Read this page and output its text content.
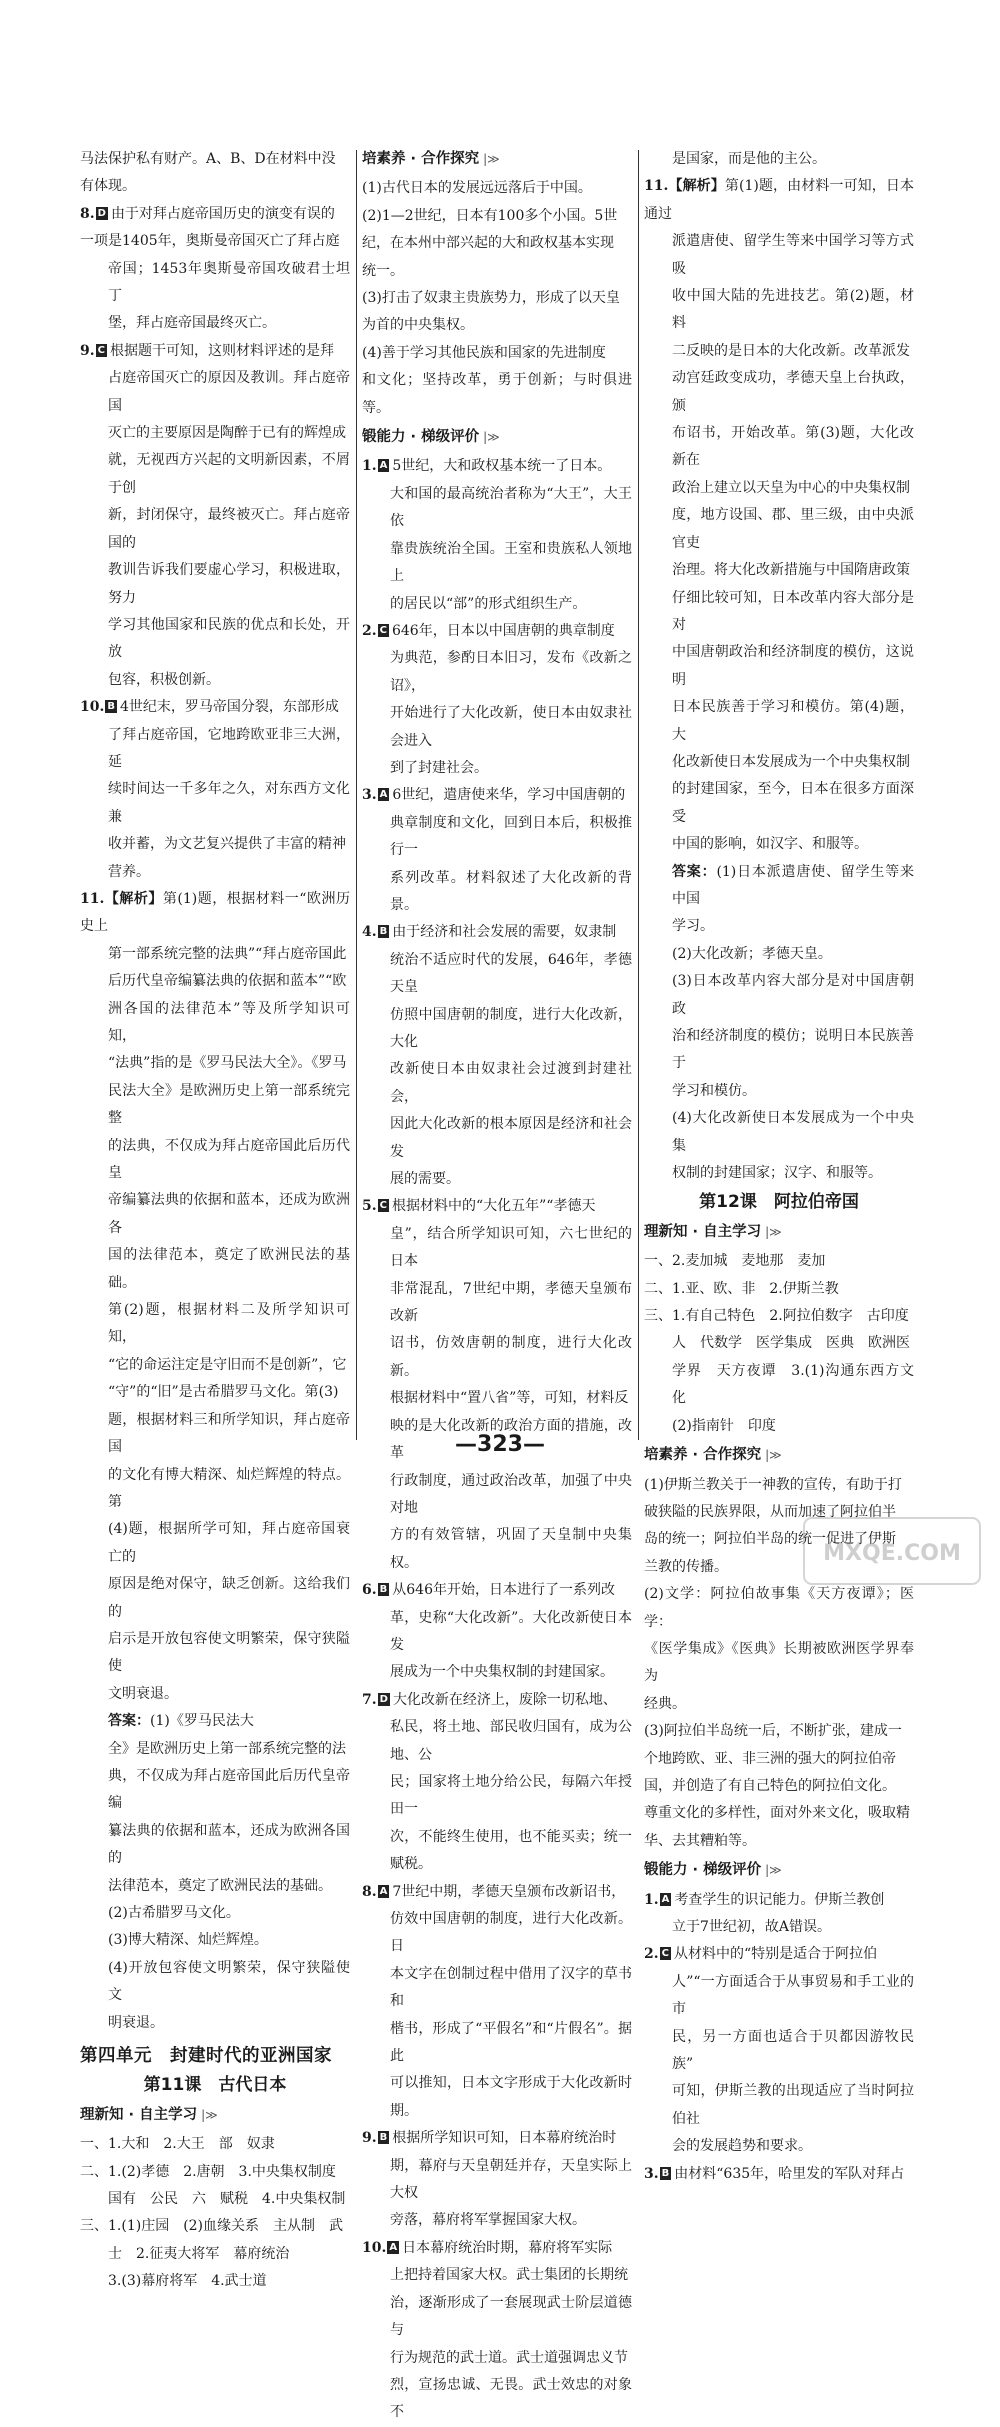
马法保护私有财产。A、B、D在材料中没

有体现。

8. D 由于对拜占庭帝国历史的演变有误的

一项是1405年，奥斯曼帝国灭亡了拜占庭

帝国；1453年奥斯曼帝国攻破君士坦丁

堡，拜占庭帝国最终灭亡。

9. C 根据题干可知，这则材料评述的是拜

占庭帝国灭亡的原因及教训。拜占庭帝国

灭亡的主要原因是陶醉于已有的辉煌成

就，无视西方兴起的文明新因素，不屑于创

新，封闭保守，最终被灭亡。拜占庭帝国的

教训告诉我们要虚心学习，积极进取，努力

学习其他国家和民族的优点和长处，开放

包容，积极创新。

10. B 4世纪末，罗马帝国分裂，东部形成

了拜占庭帝国，它地跨欧亚非三大洲，延

续时间达一千多年之久，对东西方文化兼

收并蓄，为文艺复兴提供了丰富的精神

营养。

11.【解析】第(1)题，根据材料一“欧洲历史上

第一部系统完整的法典”“拜占庭帝国此

后历代皇帝编纂法典的依据和蓝本”“欧

洲各国的法律范本”等及所学知识可知，

“法典”指的是《罗马民法大全》。《罗马

民法大全》是欧洲历史上第一部系统完整

的法典，不仅成为拜占庭帝国此后历代皇

帝编纂法典的依据和蓝本，还成为欧洲各

国的法律范本，奠定了欧洲民法的基础。

第(2)题，根据材料二及所学知识可知，

“它的命运注定是守旧而不是创新”，它

“守”的“旧”是古希腊罗马文化。第(3)

题，根据材料三和所学知识，拜占庭帝国

的文化有博大精深、灿烂辉煌的特点。第

(4)题，根据所学可知，拜占庭帝国衰亡的

原因是绝对保守，缺乏创新。这给我们的

启示是开放包容使文明繁荣，保守狭隘使

文明衰退。

答案：(1)《罗马民法大

全》是欧洲历史上第一部系统完整的法

典，不仅成为拜占庭帝国此后历代皇帝编

纂法典的依据和蓝本，还成为欧洲各国的

法律范本，奠定了欧洲民法的基础。

(2)古希腊罗马文化。

(3)博大精深、灿烂辉煌。

(4)开放包容使文明繁荣，保守狭隘使文

明衰退。

第四单元　封建时代的亚洲国家
第11课　古代日本
理新知 · 自主学习 |≫

一、1.大和　2.大王　部　奴隶

二、1.(2)孝德　2.唐朝　3.中央集权制度

国有　公民　六　赋税　4.中央集权制

三、1.(1)庄园　(2)血缘关系　主从制　武

士　2.征夷大将军　幕府统治

3.(3)幕府将军　4.武士道

培素养 · 合作探究 |≫

(1)古代日本的发展远远落后于中国。

(2)1—2世纪，日本有100多个小国。5世

纪，在本州中部兴起的大和政权基本实现

统一。

(3)打击了奴隶主贵族势力，形成了以天皇

为首的中央集权。

(4)善于学习其他民族和国家的先进制度

和文化；坚持改革，勇于创新；与时俱进等。

锻能力 · 梯级评价 |≫

1. A 5世纪，大和政权基本统一了日本。

大和国的最高统治者称为“大王”，大王依

靠贵族统治全国。王室和贵族私人领地上

的居民以“部”的形式组织生产。

2. C 646年，日本以中国唐朝的典章制度

为典范，参酌日本旧习，发布《改新之诏》，

开始进行了大化改新，使日本由奴隶社会进入

到了封建社会。

3. A 6世纪，遣唐使来华，学习中国唐朝的

典章制度和文化，回到日本后，积极推行一

系列改革。材料叙述了大化改新的背景。

4. B 由于经济和社会发展的需要，奴隶制

统治不适应时代的发展，646年，孝德天皇

仿照中国唐朝的制度，进行大化改新，大化

改新使日本由奴隶社会过渡到封建社会，

因此大化改新的根本原因是经济和社会发

展的需要。

5. C 根据材料中的“大化五年”“孝德天

皇”，结合所学知识可知，六七世纪的日本

非常混乱，7世纪中期，孝德天皇颁布改新

诏书，仿效唐朝的制度，进行大化改新。

根据材料中“置八省”等，可知，材料反

映的是大化改新的政治方面的措施，改革

行政制度，通过政治改革，加强了中央对地

方的有效管辖，巩固了天皇制中央集权。

6. B 从646年开始，日本进行了一系列改

革，史称“大化改新”。大化改新使日本发

展成为一个中央集权制的封建国家。

7. D 大化改新在经济上，废除一切私地、

私民，将土地、部民收归国有，成为公地、公

民；国家将土地分给公民，每隔六年授田一

次，不能终生使用，也不能买卖；统一赋税。

8. A 7世纪中期，孝德天皇颁布改新诏书，

仿效中国唐朝的制度，进行大化改新。日

本文字在创制过程中借用了汉字的草书和

楷书，形成了“平假名”和“片假名”。据此

可以推知，日本文字形成于大化改新时期。

9. B 根据所学知识可知，日本幕府统治时

期，幕府与天皇朝廷并存，天皇实际上大权

旁落，幕府将军掌握国家大权。

10. A 日本幕府统治时期，幕府将军实际

上把持着国家大权。武士集团的长期统

治，逐渐形成了一套展现武士阶层道德与

行为规范的武士道。武士道强调忠义节

烈，宣扬忠诚、无畏。武士效忠的对象不

是国家，而是他的主公。

11.【解析】第(1)题，由材料一可知，日本通过

派遣唐使、留学生等来中国学习等方式吸

收中国大陆的先进技艺。第(2)题，材料

二反映的是日本的大化改新。改革派发

动宫廷政变成功，孝德天皇上台执政，颁

布诏书，开始改革。第(3)题，大化改新在

政治上建立以天皇为中心的中央集权制

度，地方设国、郡、里三级，由中央派官吏

治理。将大化改新措施与中国隋唐政策

仔细比较可知，日本改革内容大部分是对

中国唐朝政治和经济制度的模仿，这说明

日本民族善于学习和模仿。第(4)题，大

化改新使日本发展成为一个中央集权制

的封建国家，至今，日本在很多方面深受

中国的影响，如汉字、和服等。

答案：(1)日本派遣唐使、留学生等来中国

学习。

(2)大化改新；孝德天皇。

(3)日本改革内容大部分是对中国唐朝政

治和经济制度的模仿；说明日本民族善于

学习和模仿。

(4)大化改新使日本发展成为一个中央集

权制的封建国家；汉字、和服等。

第12课　阿拉伯帝国
理新知 · 自主学习 |≫

一、2.麦加城　麦地那　麦加

二、1.亚、欧、非　2.伊斯兰教

三、1.有自己特色　2.阿拉伯数字　古印度

人　代数学　医学集成　医典　欧洲医

学界　天方夜谭　3.(1)沟通东西方文化

(2)指南针　印度

培素养 · 合作探究 |≫

(1)伊斯兰教关于一神教的宣传，有助于打

破狭隘的民族界限，从而加速了阿拉伯半

岛的统一；阿拉伯半岛的统一促进了伊斯

兰教的传播。

(2)文学：阿拉伯故事集《天方夜谭》；医学：

《医学集成》《医典》长期被欧洲医学界奉为

经典。

(3)阿拉伯半岛统一后，不断扩张，建成一

个地跨欧、亚、非三洲的强大的阿拉伯帝

国，并创造了有自己特色的阿拉伯文化。

尊重文化的多样性，面对外来文化，吸取精

华、去其糟粕等。

锻能力 · 梯级评价 |≫

1. A 考查学生的识记能力。伊斯兰教创

立于7世纪初，故A错误。

2. C 从材料中的“特别是适合于阿拉伯

人”“一方面适合于从事贸易和手工业的市

民，另一方面也适合于贝都因游牧民族”

可知，伊斯兰教的出现适应了当时阿拉伯社

会的发展趋势和要求。

3. B 由材料“635年，哈里发的军队对拜占

—323—
MXQE.COM
